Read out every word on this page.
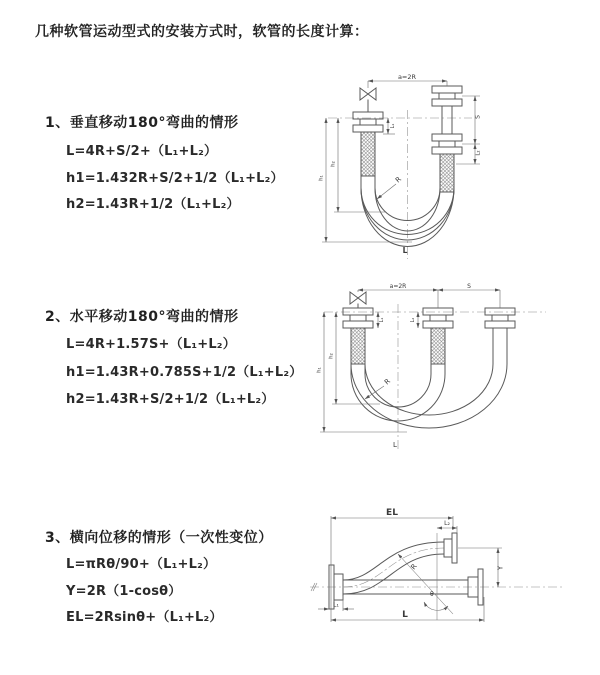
几种软管运动型式的安装方式时，软管的长度计算：
1、垂直移动180°弯曲的情形
L=4R+S/2+（L₁+L₂）
h1=1.432R+S/2+1/2（L₁+L₂）
h2=1.43R+1/2（L₁+L₂）
2、水平移动180°弯曲的情形
L=4R+1.57S+（L₁+L₂）
h1=1.43R+0.785S+1/2（L₁+L₂）
h2=1.43R+S/2+1/2（L₁+L₂）
3、横向位移的情形（一次性变位）
L=πRθ/90+（L₁+L₂）
Y=2R（1-cosθ）
EL=2Rsinθ+（L₁+L₂）
a=2R
S
L₂
h₁
h₂
L₁
R
L
a=2R	S
h₁
h₂
L₁	L₂
R
L
EL
L₂
Y
L
L₁
R
θ
